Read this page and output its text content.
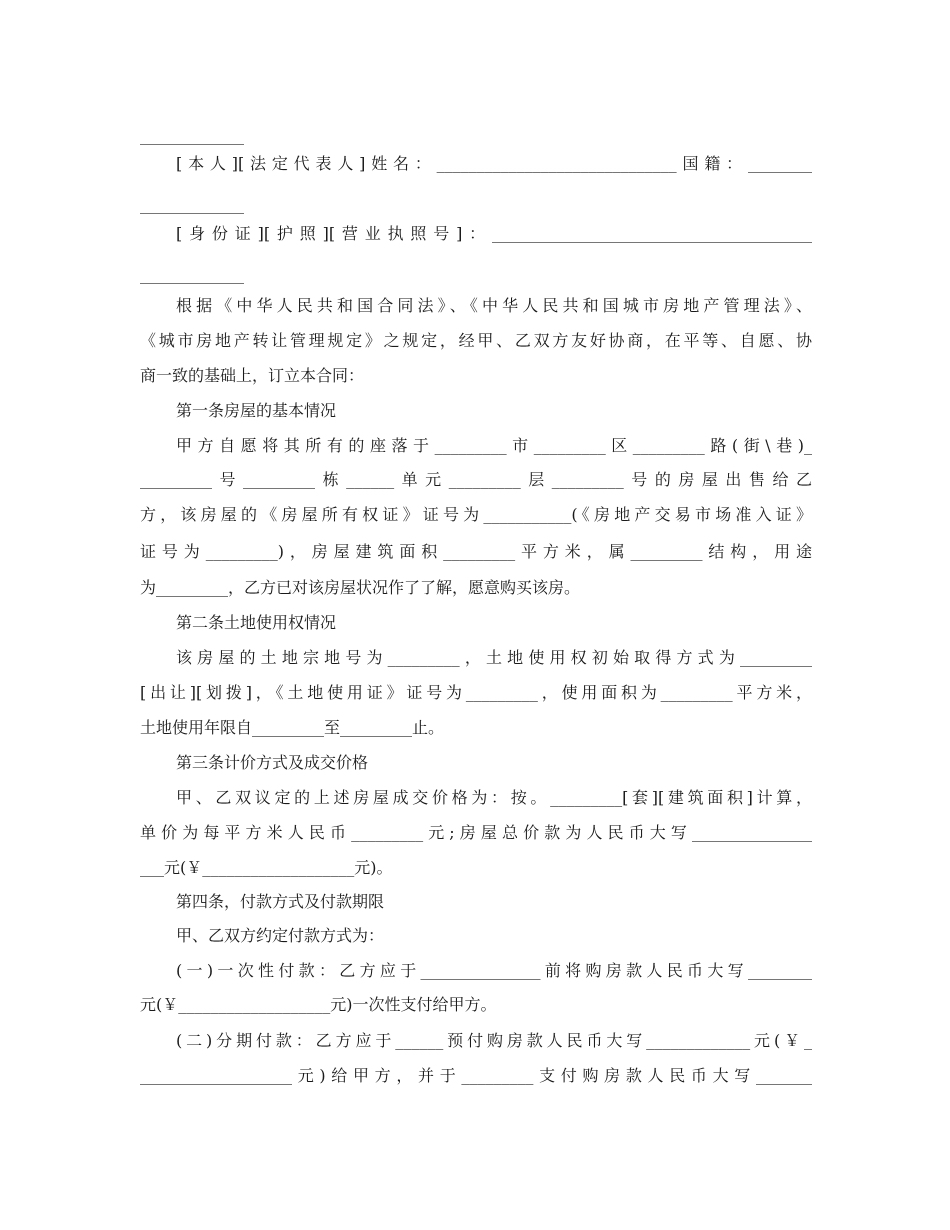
_____________
[本人][法定代表人]姓名：______________________________国籍：________
_____________
[身份证][护照][营业执照号]：________________________________________
_____________
根据《中华人民共和国合同法》、《中华人民共和国城市房地产管理法》、
《城市房地产转让管理规定》之规定，经甲、乙双方友好协商，在平等、自愿、协
商一致的基础上，订立本合同：
第一条房屋的基本情况
甲方自愿将其所有的座落于_________市_________区_________路(街\巷)_
_________号_________栋______单元_________层_________号的房屋出售给乙
方，该房屋的《房屋所有权证》证号为___________(《房地产交易市场准入证》
证号为_________)，房屋建筑面积_________平方米，属_________结构，用途
为_________，乙方已对该房屋状况作了了解，愿意购买该房。
第二条土地使用权情况
该房屋的土地宗地号为_________，土地使用权初始取得方式为_________
[出让][划拨]，《土地使用证》证号为_________，使用面积为_________平方米，
土地使用年限自_________至_________止。
第三条计价方式及成交价格
甲、乙双议定的上述房屋成交价格为：按。_________[套][建筑面积]计算，
单价为每平方米人民币_________元;房屋总价款为人民币大写_______________
___元(￥___________________元)。
第四条，付款方式及付款期限
甲、乙双方约定付款方式为：
(一)一次性付款：乙方应于_______________前将购房款人民币大写________
元(￥___________________元)一次性支付给甲方。
(二)分期付款：乙方应于______预付购房款人民币大写_____________元(￥_
___________________元)给甲方，并于_________支付购房款人民币大写_______
